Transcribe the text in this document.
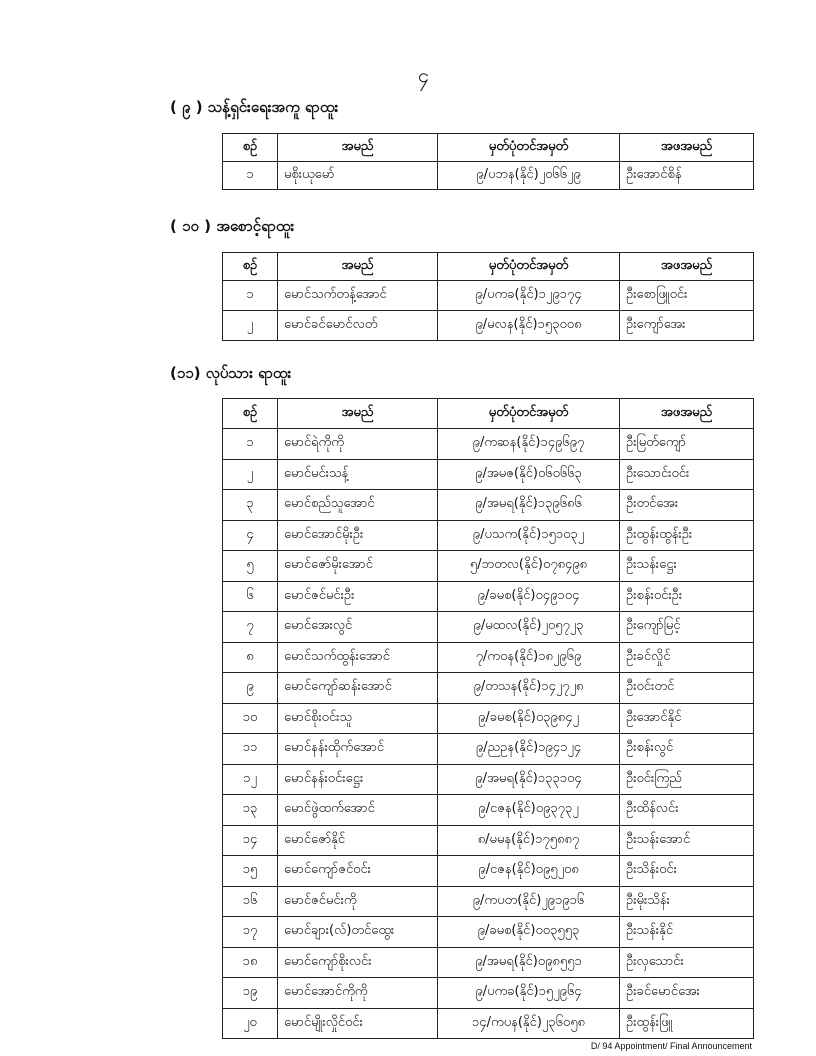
၄
( ၉ ) သန့်ရှင်းရေးအကူ ရာထူး
စဉ်	အမည်	မှတ်ပုံတင်အမှတ်	အဖအမည်
၁	မစိုးယုမော်	၉/ပဘန(နိုင်)၂၀၆၆၂၉	ဦးအောင်စိန်
( ၁၀ ) အစောင့်ရာထူး
စဉ်	အမည်	မှတ်ပုံတင်အမှတ်	အဖအမည်
၁	မောင်သက်တန့်အောင်	၉/ပကခ(နိုင်)၁၂၉၁၇၄	ဦးစောဖြူဝင်း
၂	မောင်ခင်မောင်လတ်	၉/မလန(နိုင်)၁၅၃၀၀၈	ဦးကျော်အေး
(၁၁) လုပ်သား ရာထူး
စဉ်	အမည်	မှတ်ပုံတင်အမှတ်	အဖအမည်
၁	မောင်ရဲကိုကို	၉/ကဆန(နိုင်)၁၄၉၆၉၇	ဦးမြတ်ကျော်
၂	မောင်မင်းသန့်	၉/အမဇ(နိုင်)၀၆၀၆၆၃	ဦးသောင်းဝင်း
၃	မောင်စည်သူအောင်	၉/အမရ(နိုင်)၁၃၉၆၈၆	ဦးတင်အေး
၄	မောင်အောင်မိုးဦး	၉/ပသက(နိုင်)၁၅၁၀၃၂	ဦးထွန်းထွန်းဦး
၅	မောင်ဇော်မိုးအောင်	၅/ဘတလ(နိုင်)၀၇၈၄၉၈	ဦးသန်းဋ္ဌေး
၆	မောင်ဇင်မင်းဦး	၉/ခမစ(နိုင်)၀၄၉၁၀၄	ဦးစန်းဝင်းဦး
၇	မောင်အေးလွင်	၉/မထလ(နိုင်)၂၀၅၇၂၃	ဦးကျော်မြင့်
၈	မောင်သက်ထွန်းအောင်	၇/ကဝန(နိုင်)၁၈၂၉၆၉	ဦးခင်လှိုင်
၉	မောင်ကျော်ဆန်းအောင်	၉/တသန(နိုင်)၁၄၂၇၂၈	ဦးဝင်းတင်
၁၀	မောင်စိုးဝင်းသူ	၉/ခမစ(နိုင်)၀၃၉၈၄၂	ဦးအောင်နိုင်
၁၁	မောင်နန်းထိုက်အောင်	၉/ညဥန(နိုင်)၁၉၄၁၂၄	ဦးစန်းလွင်
၁၂	မောင်နန်းဝင်းဋ္ဌေး	၉/အမရ(နိုင်)၁၃၃၁၀၄	ဦးဝင်းကြည်
၁၃	မောင်ဖွဲထက်အောင်	၉/ငဇန(နိုင်)၀၉၃၇၃၂	ဦးထိန်လင်း
၁၄	မောင်ဇော်နိုင်	၈/မမန(နိုင်)၁၇၅၈၈၇	ဦးသန်းအောင်
၁၅	မောင်ကျော်ဇင်ဝင်း	၉/ငဇန(နိုင်)၀၉၅၂၀၈	ဦးသိန်းဝင်း
၁၆	မောင်ဇင်မင်းကို	၉/ကပတ(နိုင်)၂၉၁၉၁၆	ဦးမိုးသိန်း
၁၇	မောင်ချား(လ်)တင်ထွေး	၉/ခမစ(နိုင်)၀၀၃၅၅၃	ဦးသန်းနိုင်
၁၈	မောင်ကျော်စိုးလင်း	၉/အမရ(နိုင်)၀၉၈၅၅၁	ဦးလှသောင်း
၁၉	မောင်အောင်ကိုကို	၉/ပကခ(နိုင်)၁၅၂၉၆၄	ဦးခင်မောင်အေး
၂၀	မောင်မျိုးလှိုင်ဝင်း	၁၄/ကပန(နိုင်)၂၃၆၀၅၈	ဦးထွန်းဖြူ
D/ 94 Appointment/ Final Announcement
